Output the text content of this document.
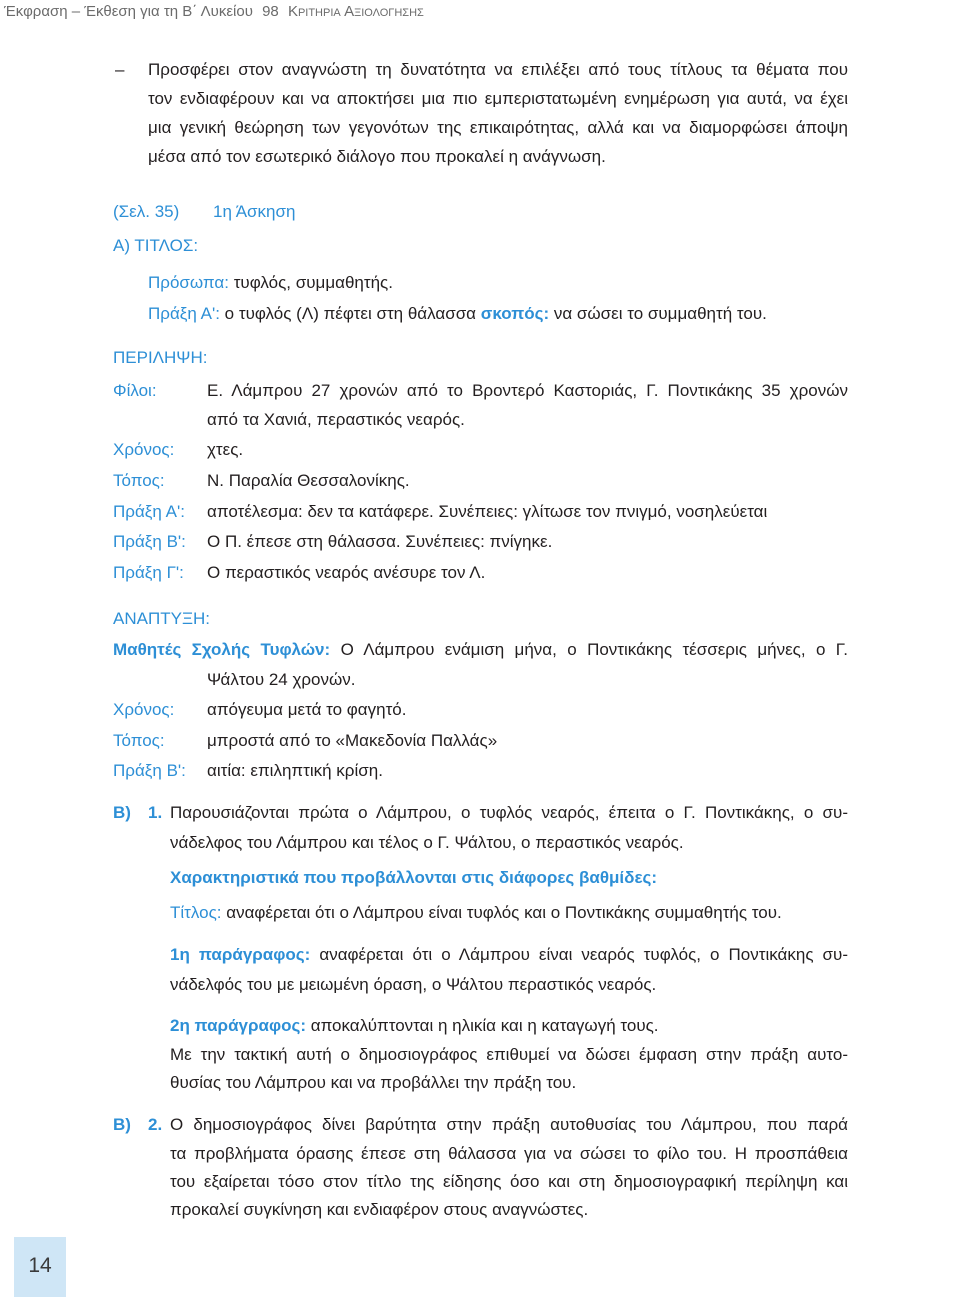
Έκφραση – Έκθεση για τη Β΄ Λυκείου 98 Κριτηρια Αξιολογησης
– Προσφέρει στον αναγνώστη τη δυνατότητα να επιλέξει από τους τίτλους τα θέματα που
τον ενδιαφέρουν και να αποκτήσει μια πιο εμπεριστατωμένη ενημέρωση για αυτά, να έχει
μια γενική θεώρηση των γεγονότων της επικαιρότητας, αλλά και να διαμορφώσει άποψη
μέσα από τον εσωτερικό διάλογο που προκαλεί η ανάγνωση.
(Σελ. 35) 1η Άσκηση
Α) ΤΙΤΛΟΣ:
Πρόσωπα: τυφλός, συμμαθητής.
Πράξη Α': ο τυφλός (Λ) πέφτει στη θάλασσα σκοπός: να σώσει το συμμαθητή του.
ΠΕΡΙΛΗΨΗ:
Φίλοι:	Ε. Λάμπρου 27 χρονών από το Βροντερό Καστοριάς, Γ. Ποντικάκης 35 χρονών
από τα Χανιά, περαστικός νεαρός.
Χρόνος: χτες.
Τόπος: Ν. Παραλία Θεσσαλονίκης.
Πράξη Α': αποτέλεσμα: δεν τα κατάφερε. Συνέπειες: γλίτωσε τον πνιγμό, νοσηλεύεται
Πράξη Β': Ο Π. έπεσε στη θάλασσα. Συνέπειες: πνίγηκε.
Πράξη Γ': Ο περαστικός νεαρός ανέσυρε τον Λ.
ΑΝΑΠΤΥΞΗ:
Μαθητές Σχολής Τυφλών: Ο Λάμπρου ενάμιση μήνα, ο Ποντικάκης τέσσερις μήνες, ο Γ.
Ψάλτου 24 χρονών.
Χρόνος: απόγευμα μετά το φαγητό.
Τόπος: μπροστά από το «Μακεδονία Παλλάς»
Πράξη Β': αιτία: επιληπτική κρίση.
Β) 1. Παρουσιάζονται πρώτα ο Λάμπρου, ο τυφλός νεαρός, έπειτα ο Γ. Ποντικάκης, ο συ-
νάδελφος του Λάμπρου και τέλος ο Γ. Ψάλτου, ο περαστικός νεαρός.
Χαρακτηριστικά που προβάλλονται στις διάφορες βαθμίδες:
Τίτλος: αναφέρεται ότι ο Λάμπρου είναι τυφλός και ο Ποντικάκης συμμαθητής του.
1η παράγραφος: αναφέρεται ότι ο Λάμπρου είναι νεαρός τυφλός, ο Ποντικάκης συ-
νάδελφός του με μειωμένη όραση, ο Ψάλτου περαστικός νεαρός.
2η παράγραφος: αποκαλύπτονται η ηλικία και η καταγωγή τους.
Με την τακτική αυτή ο δημοσιογράφος επιθυμεί να δώσει έμφαση στην πράξη αυτο-
θυσίας του Λάμπρου και να προβάλλει την πράξη του.
Β) 2. Ο δημοσιογράφος δίνει βαρύτητα στην πράξη αυτοθυσίας του Λάμπρου, που παρά
τα προβλήματα όρασης έπεσε στη θάλασσα για να σώσει το φίλο του. Η προσπάθεια
του εξαίρεται τόσο στον τίτλο της είδησης όσο και στη δημοσιογραφική περίληψη και
προκαλεί συγκίνηση και ενδιαφέρον στους αναγνώστες.
14
